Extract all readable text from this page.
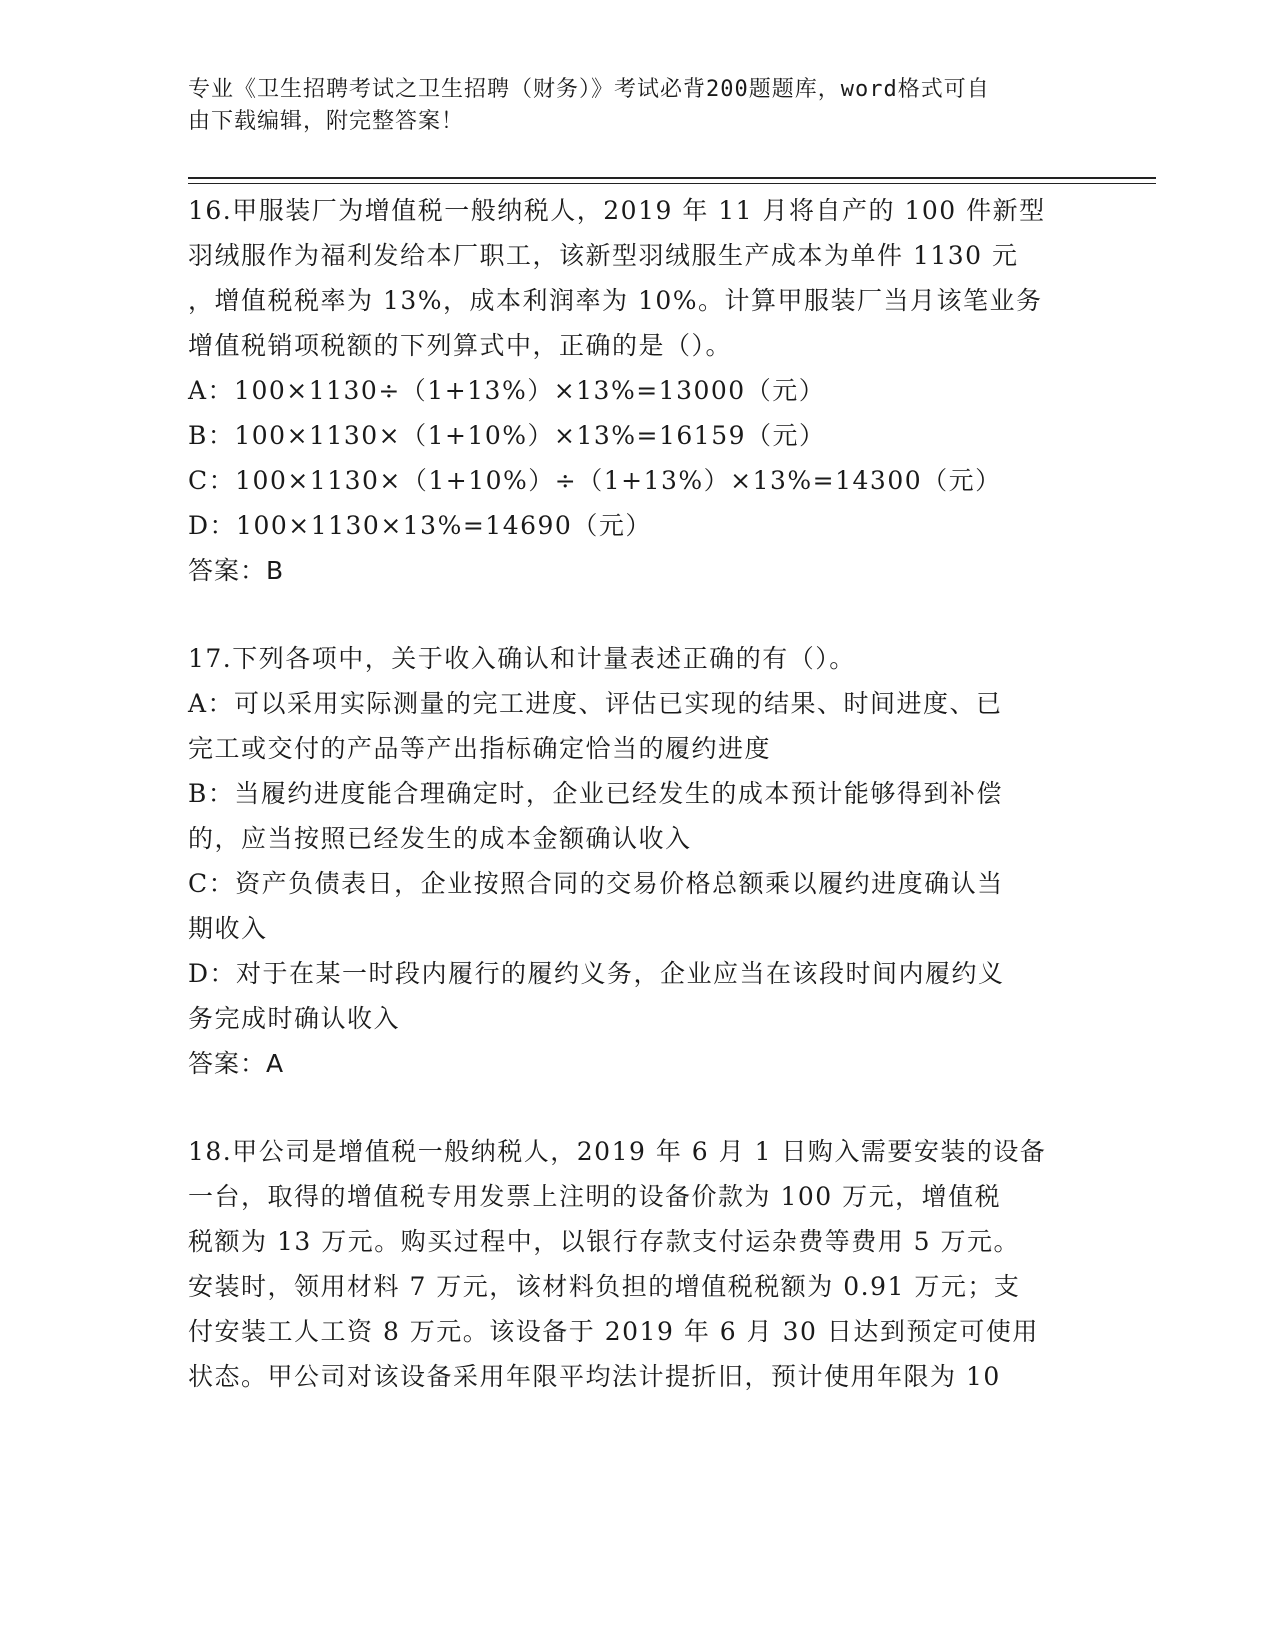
专业《卫生招聘考试之卫生招聘（财务）》考试必背200题题库，word格式可自
由下载编辑，附完整答案！
16.甲服装厂为增值税一般纳税人，2019 年 11 月将自产的 100 件新型
羽绒服作为福利发给本厂职工，该新型羽绒服生产成本为单件 1130 元
，增值税税率为 13%，成本利润率为 10%。计算甲服装厂当月该笔业务
增值税销项税额的下列算式中，正确的是（）。
A：100×1130÷（1+13%）×13%=13000（元）
B：100×1130×（1+10%）×13%=16159（元）
C：100×1130×（1+10%）÷（1+13%）×13%=14300（元）
D：100×1130×13%=14690（元）
答案：B
17.下列各项中，关于收入确认和计量表述正确的有（）。
A：可以采用实际测量的完工进度、评估已实现的结果、时间进度、已
完工或交付的产品等产出指标确定恰当的履约进度
B：当履约进度能合理确定时，企业已经发生的成本预计能够得到补偿
的，应当按照已经发生的成本金额确认收入
C：资产负债表日，企业按照合同的交易价格总额乘以履约进度确认当
期收入
D：对于在某一时段内履行的履约义务，企业应当在该段时间内履约义
务完成时确认收入
答案：A
18.甲公司是增值税一般纳税人，2019 年 6 月 1 日购入需要安装的设备
一台，取得的增值税专用发票上注明的设备价款为 100 万元，增值税
税额为 13 万元。购买过程中，以银行存款支付运杂费等费用 5 万元。
安装时，领用材料 7 万元，该材料负担的增值税税额为 0.91 万元；支
付安装工人工资 8 万元。该设备于 2019 年 6 月 30 日达到预定可使用
状态。甲公司对该设备采用年限平均法计提折旧，预计使用年限为 10
